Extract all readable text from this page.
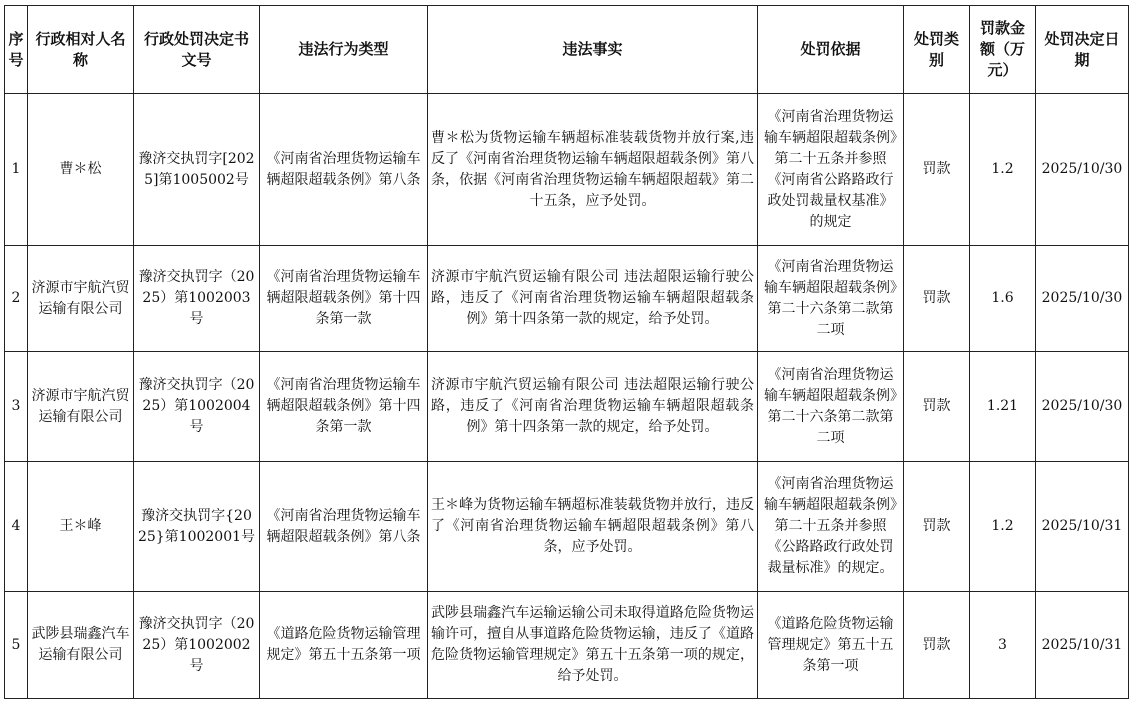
序号	行政相对人名称	行政处罚决定书文号	违法行为类型	违法事实	处罚依据	处罚类别	罚款金额（万元）	处罚决定日期
1	曹＊松	豫济交执罚字[2025]第1005002号	《河南省治理货物运输车辆超限超载条例》第八条	曹＊松为货物运输车辆超标准装载货物并放行案,违反了《河南省治理货物运输车辆超限超载条例》第八条，依据《河南省治理货物运输车辆超限超载》第二十五条，应予处罚。	《河南省治理货物运输车辆超限超载条例》第二十五条并参照《河南省公路路政行政处罚裁量权基准》的规定	罚款	1.2	2025/10/30
2	济源市宇航汽贸运输有限公司	豫济交执罚字（2025）第1002003号	《河南省治理货物运输车辆超限超载条例》第十四条第一款	济源市宇航汽贸运输有限公司 违法超限运输行驶公路，违反了《河南省治理货物运输车辆超限超载条例》第十四条第一款的规定，给予处罚。	《河南省治理货物运输车辆超限超载条例》第二十六条第二款第二项	罚款	1.6	2025/10/30
3	济源市宇航汽贸运输有限公司	豫济交执罚字（2025）第1002004号	《河南省治理货物运输车辆超限超载条例》第十四条第一款	济源市宇航汽贸运输有限公司 违法超限运输行驶公路，违反了《河南省治理货物运输车辆超限超载条例》第十四条第一款的规定，给予处罚。	《河南省治理货物运输车辆超限超载条例》第二十六条第二款第二项	罚款	1.21	2025/10/30
4	王＊峰	豫济交执罚字{2025}第1002001号	《河南省治理货物运输车辆超限超载条例》第八条	王＊峰为货物运输车辆超标准装载货物并放行，违反了《河南省治理货物运输车辆超限超载条例》第八条，应予处罚。	《河南省治理货物运输车辆超限超载条例》第二十五条并参照《公路路政行政处罚裁量标准》的规定。	罚款	1.2	2025/10/31
5	武陟县瑞鑫汽车运输有限公司	豫济交执罚字（2025）第1002002号	《道路危险货物运输管理规定》第五十五条第一项	武陟县瑞鑫汽车运输运输公司未取得道路危险货物运输许可，擅自从事道路危险货物运输，违反了《道路危险货物运输管理规定》第五十五条第一项的规定，给予处罚。	《道路危险货物运输管理规定》第五十五条第一项	罚款	3	2025/10/31
